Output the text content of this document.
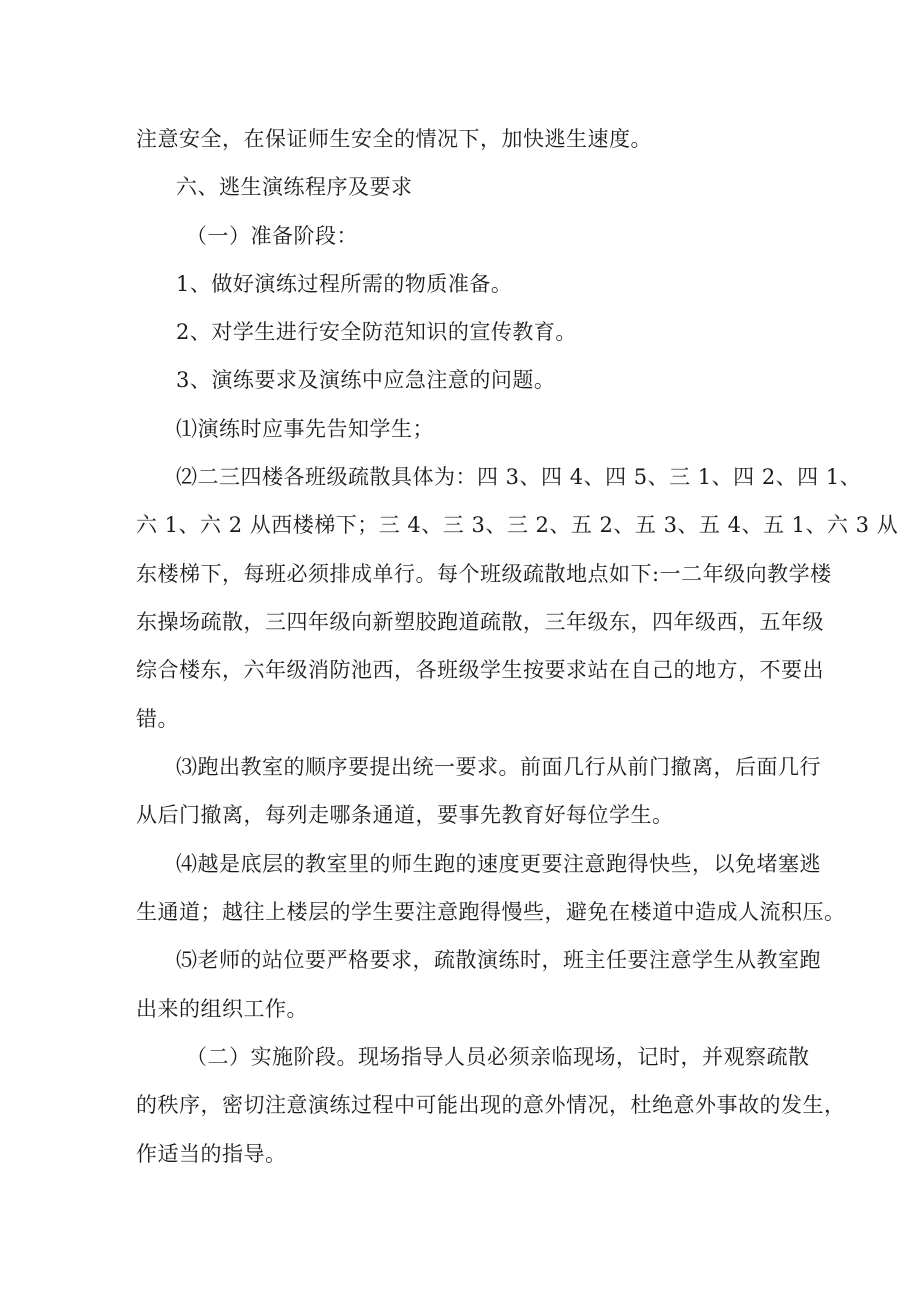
注意安全，在保证师生安全的情况下，加快逃生速度。
六、逃生演练程序及要求
（一）准备阶段：
1、做好演练过程所需的物质准备。
2、对学生进行安全防范知识的宣传教育。
3、演练要求及演练中应急注意的问题。
⑴演练时应事先告知学生；
⑵二三四楼各班级疏散具体为：四 3、四 4、四 5、三 1、四 2、四 1、
六 1、六 2 从西楼梯下；三 4、三 3、三 2、五 2、五 3、五 4、五 1、六 3 从
东楼梯下，每班必须排成单行。每个班级疏散地点如下:一二年级向教学楼
东操场疏散，三四年级向新塑胶跑道疏散，三年级东，四年级西，五年级
综合楼东，六年级消防池西，各班级学生按要求站在自己的地方，不要出
错。
⑶跑出教室的顺序要提出统一要求。前面几行从前门撤离，后面几行
从后门撤离，每列走哪条通道，要事先教育好每位学生。
⑷越是底层的教室里的师生跑的速度更要注意跑得快些，以免堵塞逃
生通道；越往上楼层的学生要注意跑得慢些，避免在楼道中造成人流积压。
⑸老师的站位要严格要求，疏散演练时，班主任要注意学生从教室跑
出来的组织工作。
（二）实施阶段。现场指导人员必须亲临现场，记时，并观察疏散
的秩序，密切注意演练过程中可能出现的意外情况，杜绝意外事故的发生，
作适当的指导。
